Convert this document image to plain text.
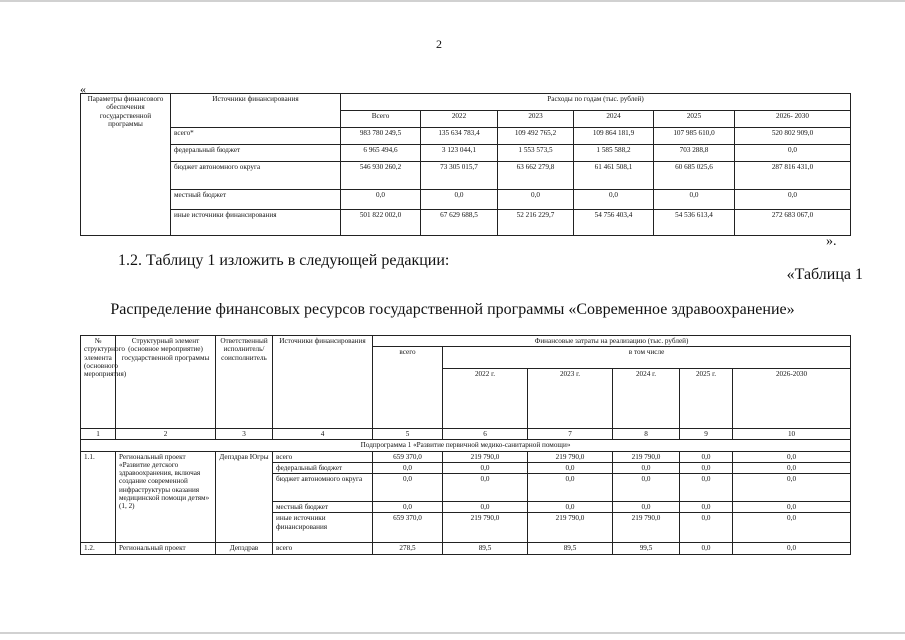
2
«
Параметры финансового обеспечения государственной программы	Источники финансирования	Расходы по годам (тыс. рублей)					
		Всего	2022	2023	2024	2025	2026- 2030
	всего*	983 780 249,5	135 634 783,4	109 492 765,2	109 864 181,9	107 985 610,0	520 802 909,0
	федеральный бюджет	6 965 494,6	3 123 044,1	1 553 573,5	1 585 588,2	703 288,8	0,0
	бюджет автономного округа	546 930 260,2	73 305 015,7	63 662 279,8	61 461 508,1	60 685 025,6	287 816 431,0
	местный бюджет	0,0	0,0	0,0	0,0	0,0	0,0
	иные источники финансирования	501 822 002,0	67 629 688,5	52 216 229,7	54 756 403,4	54 536 613,4	272 683 067,0
».
1.2. Таблицу 1 изложить в следующей редакции:
«Таблица 1
Распределение финансовых ресурсов государственной программы «Современное здравоохранение»
№ структурного элемента (основного мероприятия)	Структурный элемент (основное мероприятие) государственной программы	Ответственный исполнитель/ соисполнитель	Источники финансирования	Финансовые затраты на реализацию (тыс. рублей)					
				всего	в том числе				
					2022 г.	2023 г.	2024 г.	2025 г.	2026-2030
1	2	3	4	5	6	7	8	9	10
Подпрограмма 1 «Развитие первичной медико-санитарной помощи»									
1.1.	Региональный проект «Развитие детского здравоохранения, включая создание современной инфраструктуры оказания медицинской помощи детям» (1, 2)	Депздрав Югры	всего	659 370,0	219 790,0	219 790,0	219 790,0	0,0	0,0
			федеральный бюджет	0,0	0,0	0,0	0,0	0,0	0,0
			бюджет автономного округа	0,0	0,0	0,0	0,0	0,0	0,0
			местный бюджет	0,0	0,0	0,0	0,0	0,0	0,0
			иные источники финансирования	659 370,0	219 790,0	219 790,0	219 790,0	0,0	0,0
1.2.	Региональный проект	Депздрав	всего	278,5	89,5	89,5	99,5	0,0	0,0
